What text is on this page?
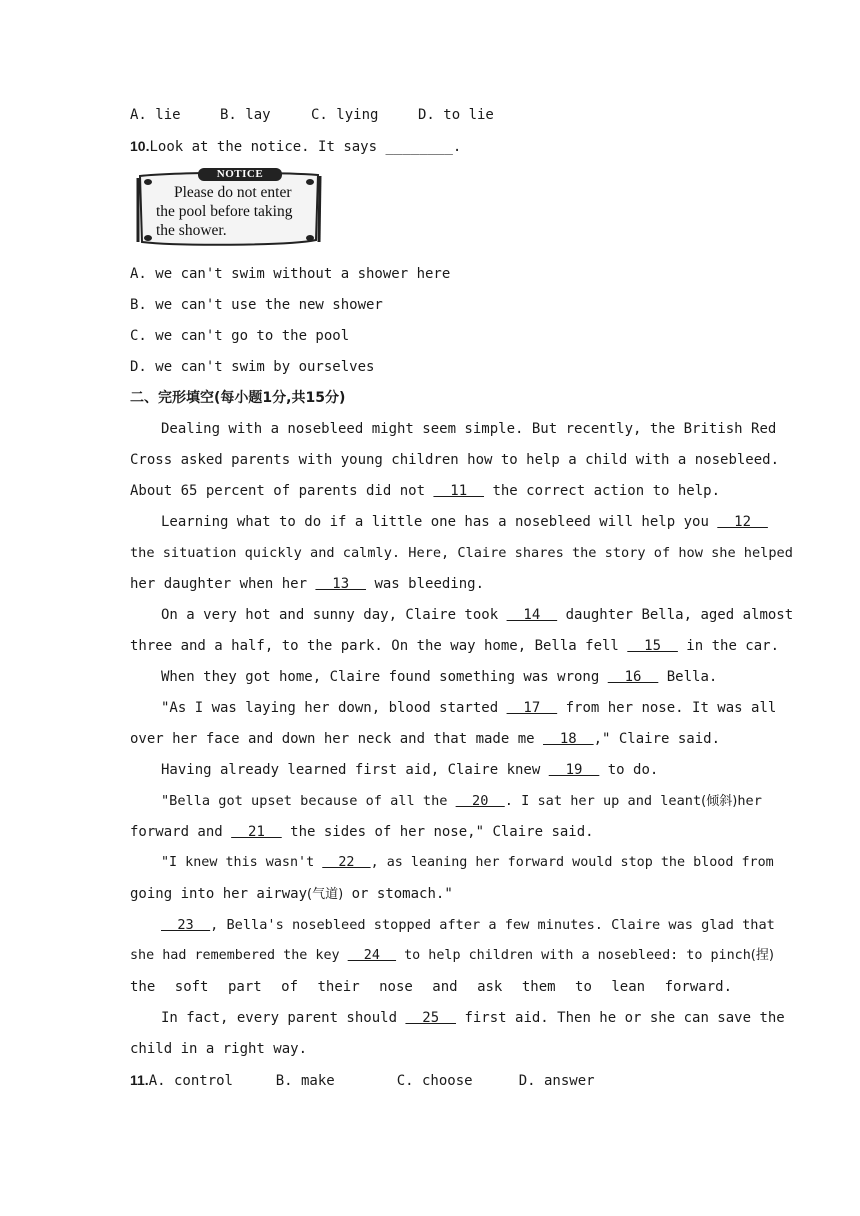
A. lie	B. lay	C. lying	D. to lie
10.Look at the notice. It says ________.
NOTICE
Please do not enter
the pool before taking
the shower.
A. we can't swim without a shower here
B. we can't use the new shower
C. we can't go to the pool
D. we can't swim by ourselves
二、完形填空(每小题1分,共15分)
Dealing with a nosebleed might seem simple. But recently, the British Red
Cross asked parents with young children how to help a child with a nosebleed.
About 65 percent of parents did not   11   the correct action to help.
Learning what to do if a little one has a nosebleed will help you   12
the situation quickly and calmly. Here, Claire shares the story of how she helped
her daughter when her   13   was bleeding.
On a very hot and sunny day, Claire took   14   daughter Bella, aged almost
three and a half, to the park. On the way home, Bella fell   15   in the car.
When they got home, Claire found something was wrong   16   Bella.
"As I was laying her down, blood started   17   from her nose. It was all
over her face and down her neck and that made me   18  ," Claire said.
Having already learned first aid, Claire knew   19   to do.
"Bella got upset because of all the   20  . I sat her up and leant(倾斜)her
forward and   21   the sides of her nose," Claire said.
"I knew this wasn't   22  , as leaning her forward would stop the blood from
going into her airway(气道) or stomach."
23  , Bella's nosebleed stopped after a few minutes. Claire was glad that
she had remembered the key   24   to help children with a nosebleed: to pinch(捏)
the soft part of their nose and ask them to lean forward.
In fact, every parent should   25   first aid. Then he or she can save the
child in a right way.
11.A. control	B. make	C. choose	D. answer
